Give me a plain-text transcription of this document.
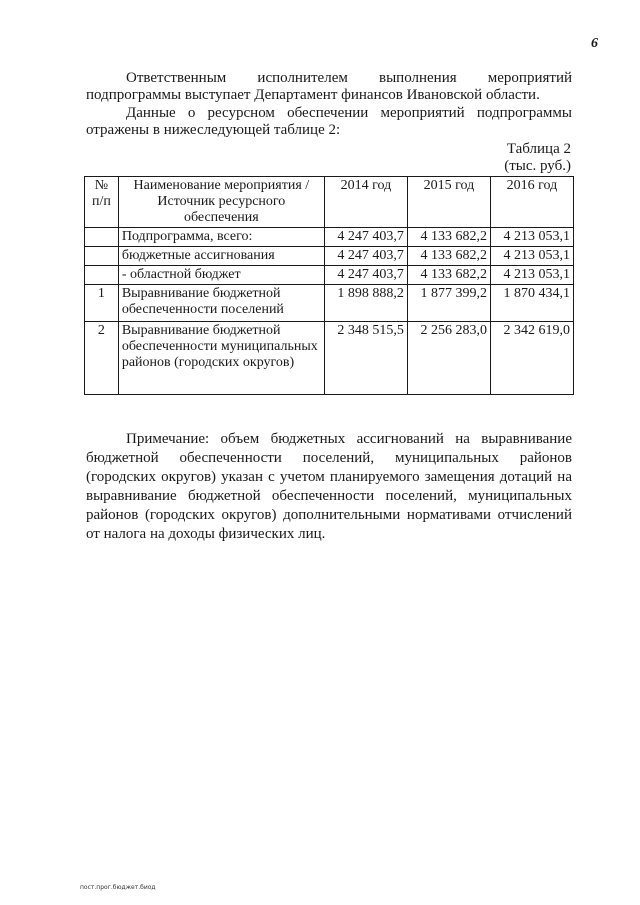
6

Ответственным исполнителем выполнения мероприятий подпрограммы выступает Департамент финансов Ивановской области.

Данные о ресурсном обеспечении мероприятий подпрограммы отражены в нижеследующей таблице 2:

Таблица 2
(тыс. руб.)
№ п/п	Наименование мероприятия / Источник ресурсного обеспечения	2014 год	2015 год	2016 год
	Подпрограмма, всего:	4 247 403,7	4 133 682,2	4 213 053,1
	бюджетные ассигнования	4 247 403,7	4 133 682,2	4 213 053,1
	- областной бюджет	4 247 403,7	4 133 682,2	4 213 053,1
1	Выравнивание бюджетной обеспеченности поселений	1 898 888,2	1 877 399,2	1 870 434,1
2	Выравнивание бюджетной обеспеченности муниципальных районов (городских округов)	2 348 515,5	2 256 283,0	2 342 619,0

Примечание: объем бюджетных ассигнований на выравнивание бюджетной обеспеченности поселений, муниципальных районов (городских округов) указан с учетом планируемого замещения дотаций на выравнивание бюджетной обеспеченности поселений, муниципальных районов (городских округов) дополнительными нормативами отчислений от налога на доходы физических лиц.

пост.прог.бюджет.биод
